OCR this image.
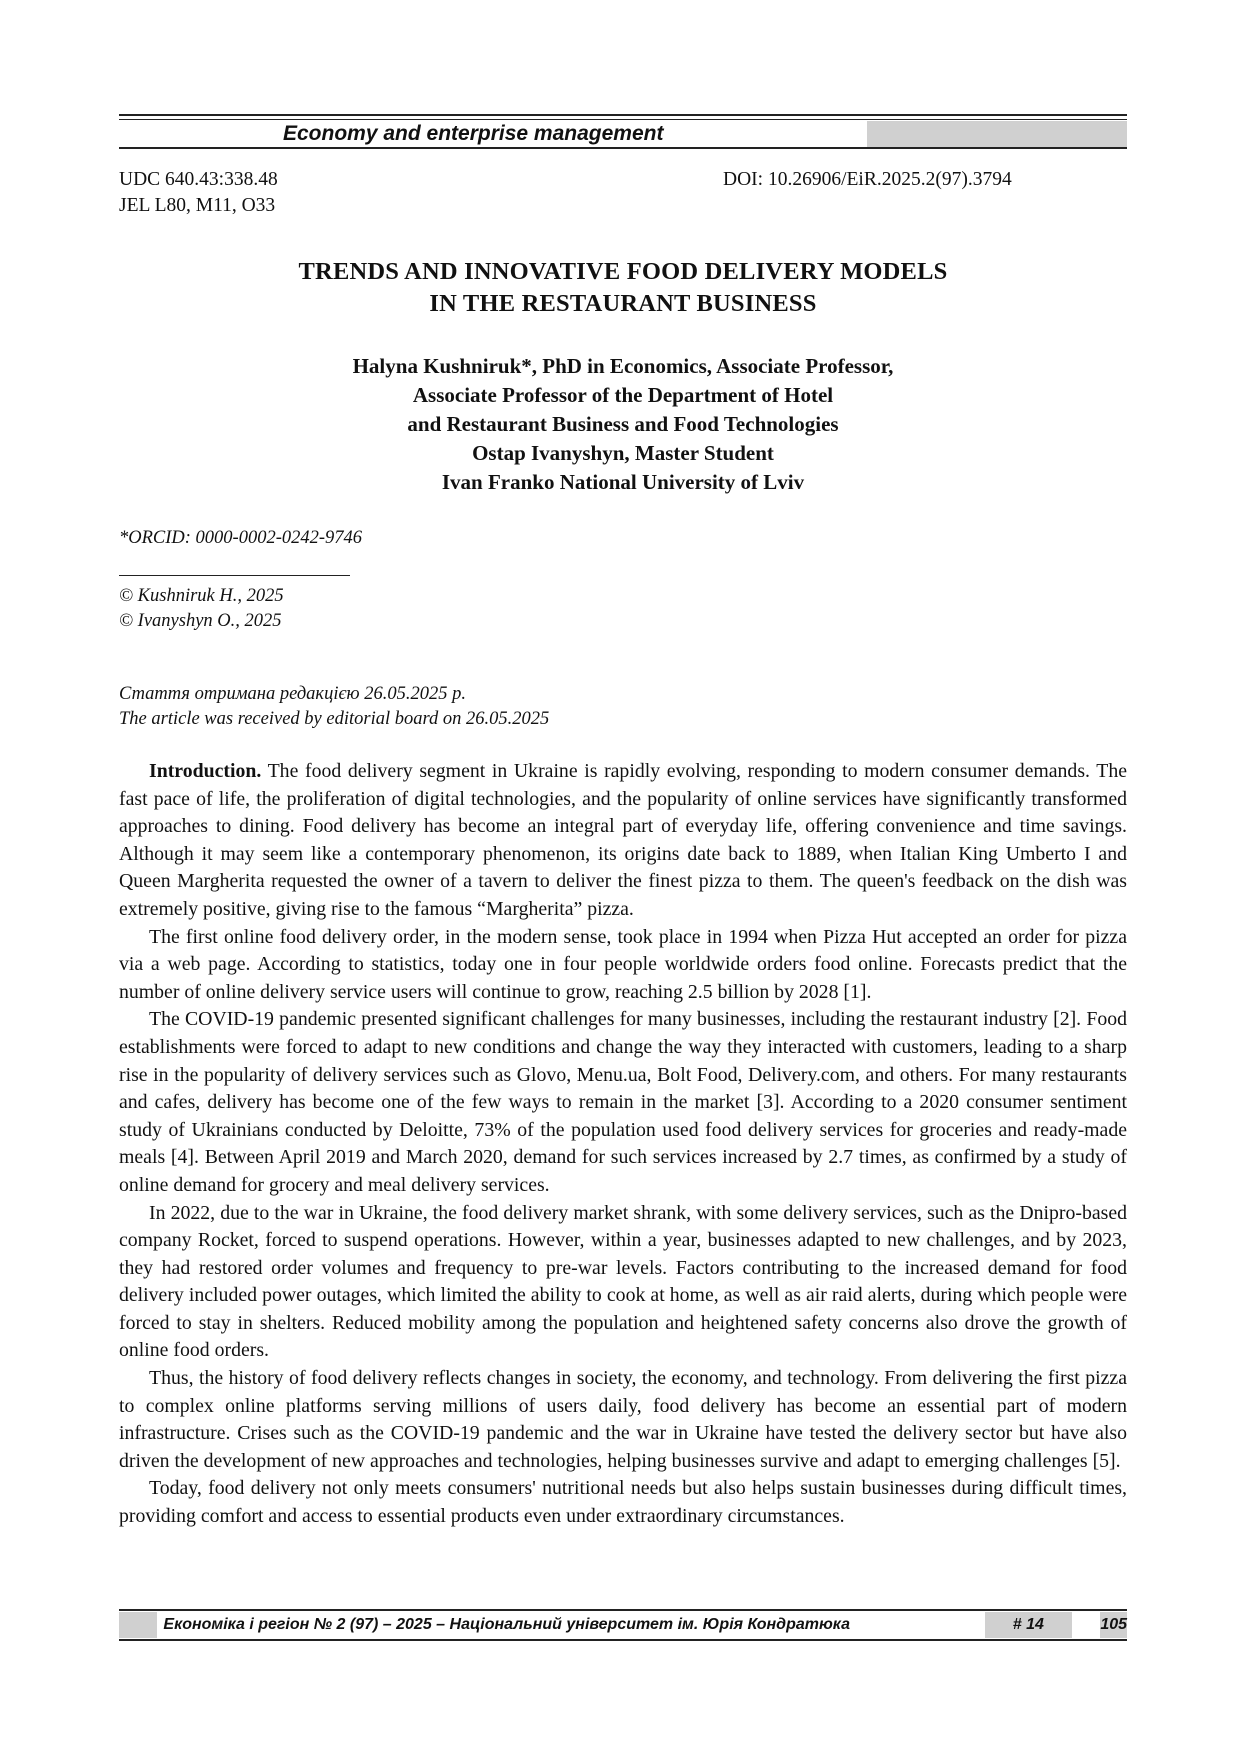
Economy and enterprise management
UDC 640.43:338.48
JEL L80, M11, O33
DOI: 10.26906/EiR.2025.2(97).3794
TRENDS AND INNOVATIVE FOOD DELIVERY MODELS
IN THE RESTAURANT BUSINESS
Halyna Kushniruk*, PhD in Economics, Associate Professor,
Associate Professor of the Department of Hotel
and Restaurant Business and Food Technologies
Ostap Ivanyshyn, Master Student
Ivan Franko National University of Lviv
*ORCID: 0000-0002-0242-9746
© Kushniruk H., 2025
© Ivanyshyn O., 2025
Стаття отримана редакцією 26.05.2025 р.
The article was received by editorial board on 26.05.2025

Introduction. The food delivery segment in Ukraine is rapidly evolving, responding to modern consumer demands. The fast pace of life, the proliferation of digital technologies, and the popularity of online services have significantly transformed approaches to dining. Food delivery has become an integral part of everyday life, offering convenience and time savings. Although it may seem like a contemporary phenomenon, its origins date back to 1889, when Italian King Umberto I and Queen Margherita requested the owner of a tavern to deliver the finest pizza to them. The queen's feedback on the dish was extremely positive, giving rise to the famous “Margherita” pizza.

The first online food delivery order, in the modern sense, took place in 1994 when Pizza Hut accepted an order for pizza via a web page. According to statistics, today one in four people worldwide orders food online. Forecasts predict that the number of online delivery service users will continue to grow, reaching 2.5 billion by 2028 [1].

The COVID-19 pandemic presented significant challenges for many businesses, including the restaurant industry [2]. Food establishments were forced to adapt to new conditions and change the way they interacted with customers, leading to a sharp rise in the popularity of delivery services such as Glovo, Menu.ua, Bolt Food, Delivery.com, and others. For many restaurants and cafes, delivery has become one of the few ways to remain in the market [3]. According to a 2020 consumer sentiment study of Ukrainians conducted by Deloitte, 73% of the population used food delivery services for groceries and ready-made meals [4]. Between April 2019 and March 2020, demand for such services increased by 2.7 times, as confirmed by a study of online demand for grocery and meal delivery services.

In 2022, due to the war in Ukraine, the food delivery market shrank, with some delivery services, such as the Dnipro-based company Rocket, forced to suspend operations. However, within a year, businesses adapted to new challenges, and by 2023, they had restored order volumes and frequency to pre-war levels. Factors contributing to the increased demand for food delivery included power outages, which limited the ability to cook at home, as well as air raid alerts, during which people were forced to stay in shelters. Reduced mobility among the population and heightened safety concerns also drove the growth of online food orders.

Thus, the history of food delivery reflects changes in society, the economy, and technology. From delivering the first pizza to complex online platforms serving millions of users daily, food delivery has become an essential part of modern infrastructure. Crises such as the COVID-19 pandemic and the war in Ukraine have tested the delivery sector but have also driven the development of new approaches and technologies, helping businesses survive and adapt to emerging challenges [5].

Today, food delivery not only meets consumers' nutritional needs but also helps sustain businesses during difficult times, providing comfort and access to essential products even under extraordinary circumstances.

Економіка і регіон № 2 (97) – 2025 – Національний університет ім. Юрія Кондратюка	# 14	105
